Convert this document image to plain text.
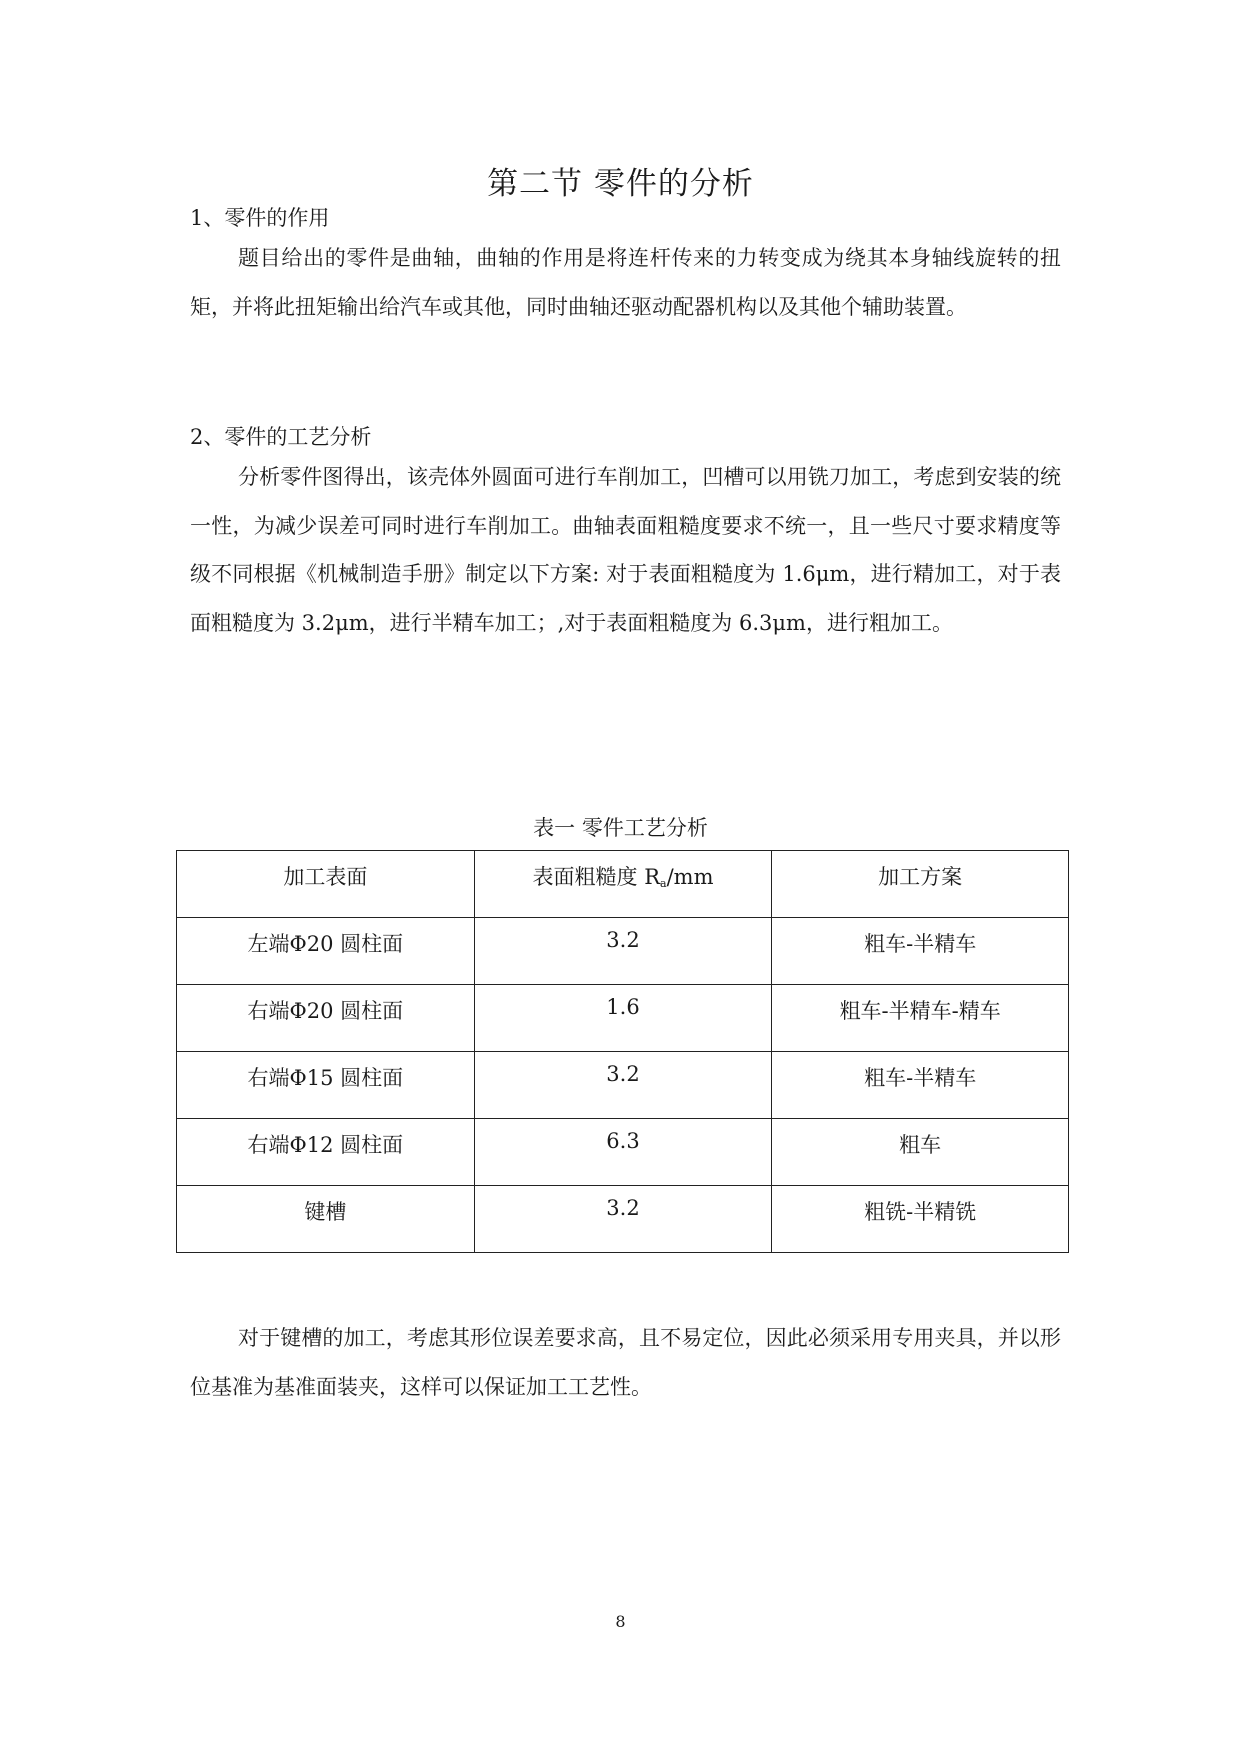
第二节 零件的分析
1、零件的作用
题目给出的零件是曲轴，曲轴的作用是将连杆传来的力转变成为绕其本身轴线旋转的扭矩，并将此扭矩输出给汽车或其他，同时曲轴还驱动配器机构以及其他个辅助装置。
2、零件的工艺分析
分析零件图得出，该壳体外圆面可进行车削加工，凹槽可以用铣刀加工，考虑到安装的统一性，为减少误差可同时进行车削加工。曲轴表面粗糙度要求不统一，且一些尺寸要求精度等级不同根据《机械制造手册》制定以下方案: 对于表面粗糙度为 1.6μm，进行精加工，对于表面粗糙度为 3.2μm，进行半精车加工；,对于表面粗糙度为 6.3μm，进行粗加工。
表一 零件工艺分析
加工表面	表面粗糙度 $R_a/mm$	加工方案
左端Φ20 圆柱面	3.2	粗车-半精车
右端Φ20 圆柱面	1.6	粗车-半精车-精车
右端Φ15 圆柱面	3.2	粗车-半精车
右端Φ12 圆柱面	6.3	粗车
键槽	3.2	粗铣-半精铣
对于键槽的加工，考虑其形位误差要求高，且不易定位，因此必须采用专用夹具，并以形位基准为基准面装夹，这样可以保证加工工艺性。
8
